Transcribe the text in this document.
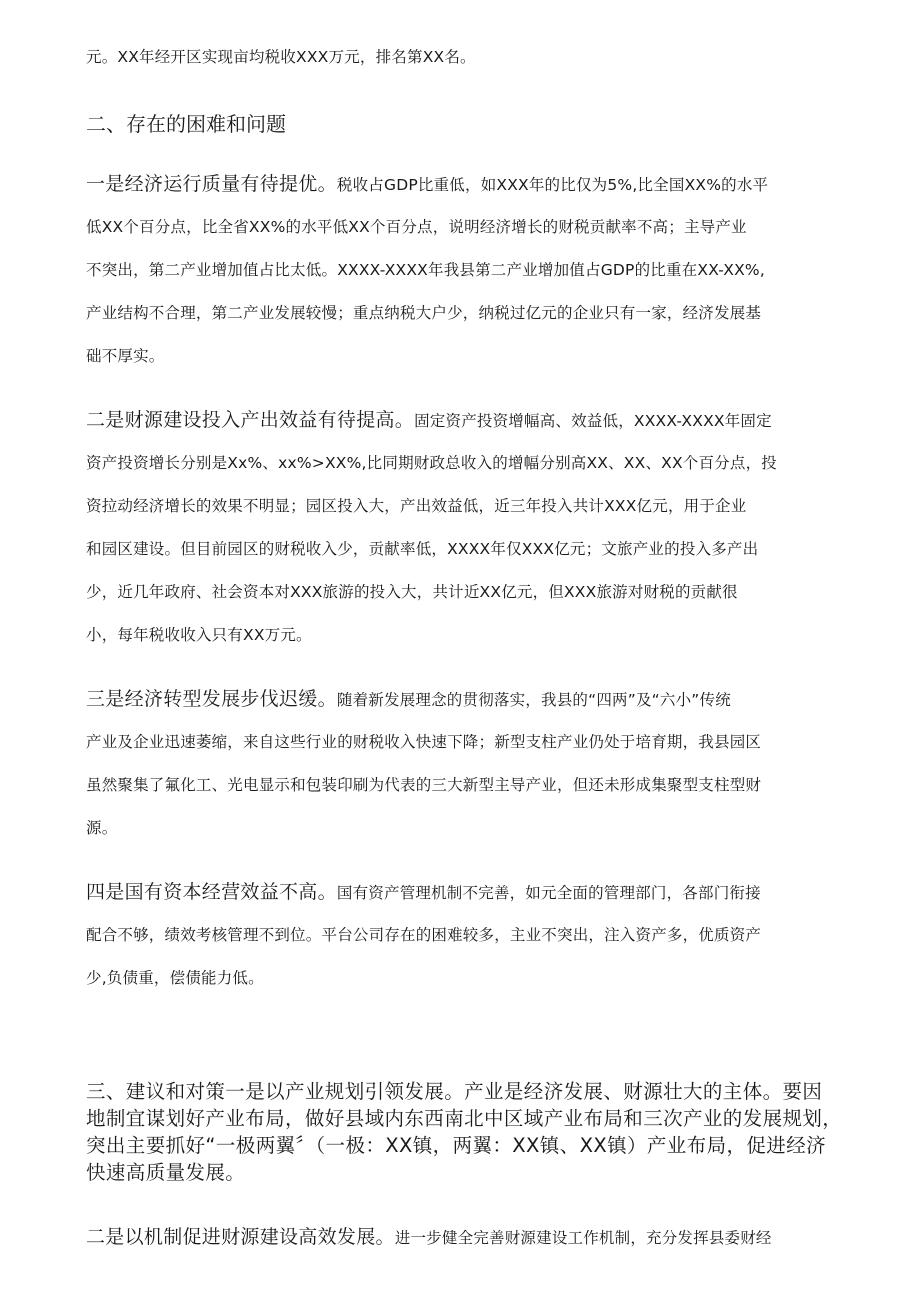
元。XX年经开区实现亩均税收XXX万元，排名第XX名。

二、存在的困难和问题

一是经济运行质量有待提优。税收占GDP比重低，如XXX年的比仅为5%,比全国XX%的水平
低XX个百分点，比全省XX%的水平低XX个百分点，说明经济增长的财税贡献率不高；主导产业
不突出，第二产业增加值占比太低。XXXX-XXXX年我县第二产业增加值占GDP的比重在XX-XX%,
产业结构不合理，第二产业发展较慢；重点纳税大户少，纳税过亿元的企业只有一家，经济发展基
础不厚实。

二是财源建设投入产出效益有待提高。固定资产投资增幅高、效益低，XXXX-XXXX年固定
资产投资增长分别是Xx%、xx%>XX%,比同期财政总收入的增幅分别高XX、XX、XX个百分点，投
资拉动经济增长的效果不明显；园区投入大，产出效益低，近三年投入共计XXX亿元，用于企业
和园区建设。但目前园区的财税收入少，贡献率低，XXXX年仅XXX亿元；文旅产业的投入多产出
少，近几年政府、社会资本对XXX旅游的投入大，共计近XX亿元，但XXX旅游对财税的贡献很
小，每年税收收入只有XX万元。

三是经济转型发展步伐迟缓。随着新发展理念的贯彻落实，我县的“四两”及“六小”传统
产业及企业迅速萎缩，来自这些行业的财税收入快速下降；新型支柱产业仍处于培育期，我县园区
虽然聚集了氟化工、光电显示和包装印刷为代表的三大新型主导产业，但还未形成集聚型支柱型财
源。

四是国有资本经营效益不高。国有资产管理机制不完善，如元全面的管理部门，各部门衔接
配合不够，绩效考核管理不到位。平台公司存在的困难较多，主业不突出，注入资产多，优质资产
少,负债重，偿债能力低。

三、建议和对策一是以产业规划引领发展。产业是经济发展、财源壮大的主体。要因
地制宜谋划好产业布局，做好县域内东西南北中区域产业布局和三次产业的发展规划，
突出主要抓好“一极两翼〞（一极：XX镇，两翼：XX镇、XX镇）产业布局，促进经济
快速高质量发展。

二是以机制促进财源建设高效发展。进一步健全完善财源建设工作机制，充分发挥县委财经
